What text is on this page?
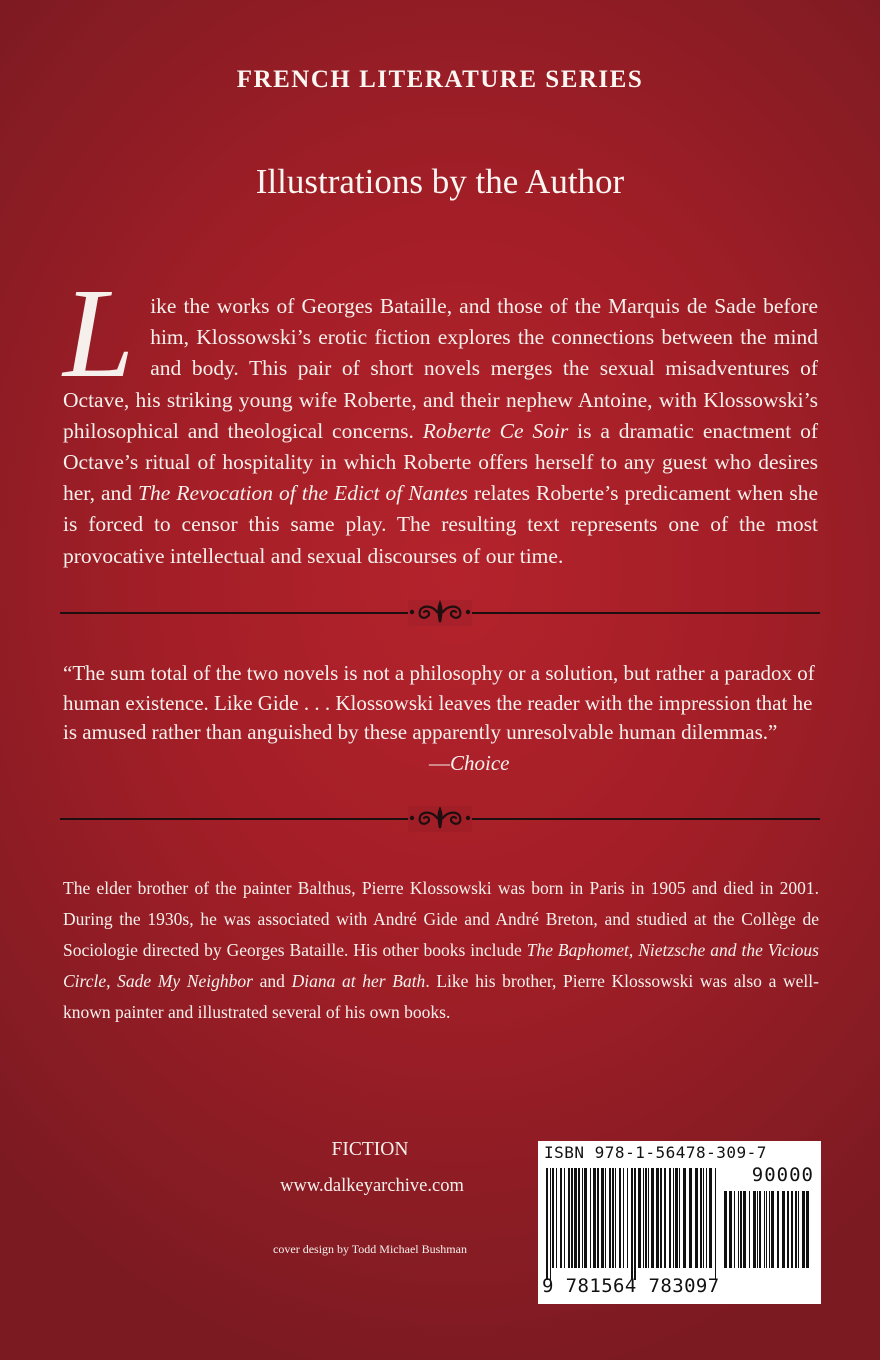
FRENCH LITERATURE SERIES
Illustrations by the Author
Like the works of Georges Bataille, and those of the Marquis de Sade before him, Klossowski’s erotic fiction explores the connections between the mind and body. This pair of short novels merges the sexual misadventures of Octave, his striking young wife Roberte, and their nephew Antoine, with Klossowski’s philosophical and theological concerns. Roberte Ce Soir is a dramatic enactment of Octave’s ritual of hospitality in which Roberte offers herself to any guest who desires her, and The Revocation of the Edict of Nantes relates Roberte’s predicament when she is forced to censor this same play. The resulting text represents one of the most provocative intellectual and sexual discourses of our time.
“The sum total of the two novels is not a philosophy or a solution, but rather a paradox of human existence. Like Gide . . . Klossowski leaves the reader with the impression that he is amused rather than anguished by these apparently unresolvable human dilemmas.”
—Choice
The elder brother of the painter Balthus, Pierre Klossowski was born in Paris in 1905 and died in 2001. During the 1930s, he was associated with André Gide and André Breton, and studied at the Collège de Sociologie directed by Georges Bataille. His other books include The Baphomet, Nietzsche and the Vicious Circle, Sade My Neighbor and Diana at her Bath. Like his brother, Pierre Klossowski was also a well-known painter and illustrated several of his own books.
FICTION
www.dalkeyarchive.com
cover design by Todd Michael Bushman
ISBN 978-1-56478-309-7
90000
9 781564 783097
